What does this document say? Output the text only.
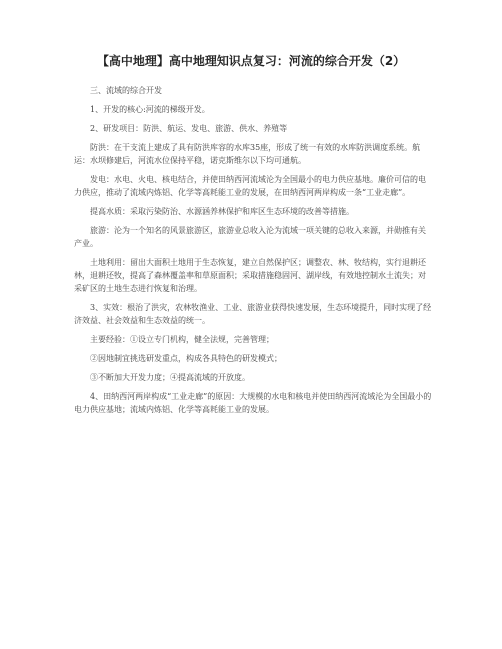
【高中地理】高中地理知识点复习：河流的综合开发（2）

三、流域的综合开发

1、开发的核心:河流的梯级开发。

2、研发项目：防洪、航运、发电、旅游、供水、养殖等

防洪：在干支流上建成了具有防洪库容的水库35座，形成了统一有效的水库防洪调度系统。航运：水坝修建后，河流水位保持平稳，诺克斯维尔以下均可通航。

发电：水电、火电、核电结合，并使田纳西河流域沦为全国最小的电力供应基地。廉价可信的电力供应，推动了流域内炼铝、化学等高耗能工业的发展，在田纳西河两岸构成一条“工业走廊”。

提高水质：采取污染防治、水源涵养林保护和库区生态环境的改善等措施。

旅游：沦为一个知名的风景旅游区，旅游业总收入沦为流域一项关键的总收入来源，并勋推有关产业。

土地利用：留出大面积土地用于生态恢复，建立自然保护区；调整农、林、牧结构，实行退耕还林，退耕还牧，提高了森林覆盖率和草原面积；采取措施稳固河、湖岸线，有效地控制水土流失；对采矿区的土地生态进行恢复和治理。

3、实效：根治了洪灾，农林牧渔业、工业、旅游业获得快速发展，生态环境提升，同时实现了经济效益、社会效益和生态效益的统一。

主要经验：①设立专门机构，健全法规，完善管理；

②因地制宜挑选研发重点，构成各具特色的研发模式；

③不断加大开发力度；④提高流域的开放度。

4、田纳西河两岸构成“工业走廊”的原因：大规模的水电和核电并使田纳西河流域沦为全国最小的电力供应基地；流域内炼铝、化学等高耗能工业的发展。
